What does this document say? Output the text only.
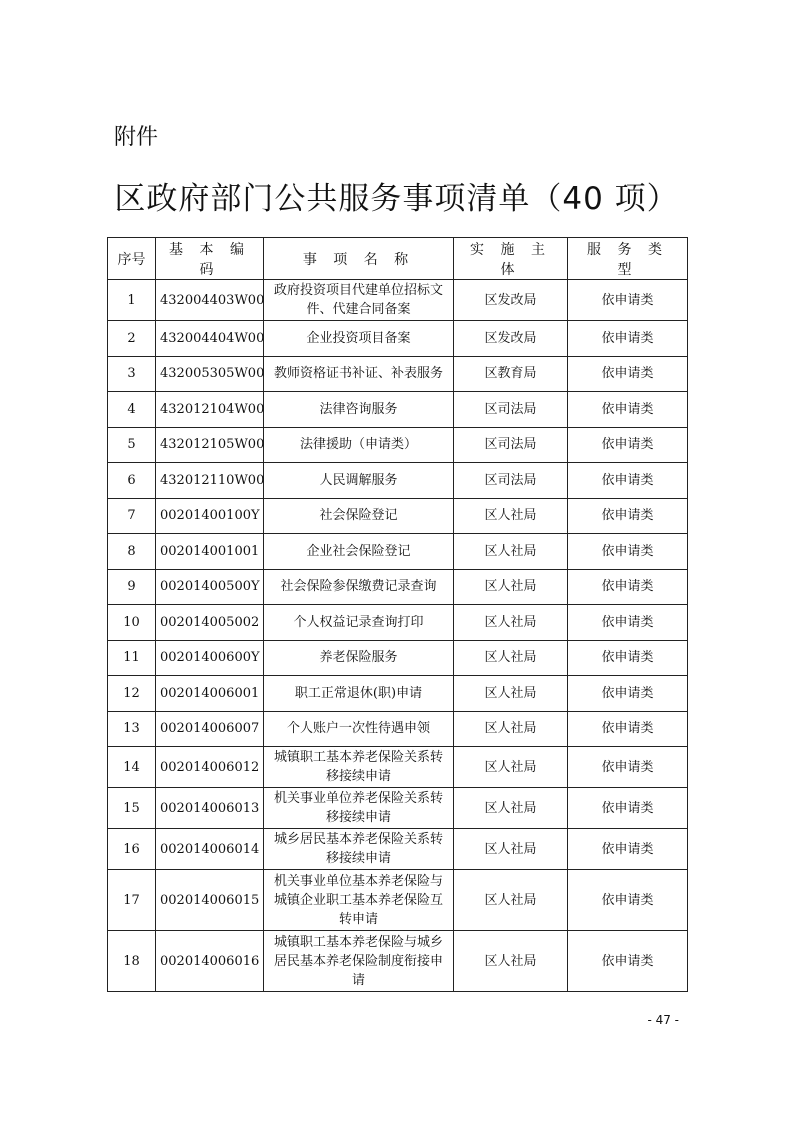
附件
区政府部门公共服务事项清单（40 项）
序号	基 本 编 码	事 项 名 称	实 施 主 体	服 务 类 型
1	432004403W00	政府投资项目代建单位招标文件、代建合同备案	区发改局	依申请类
2	432004404W00	企业投资项目备案	区发改局	依申请类
3	432005305W00	教师资格证书补证、补表服务	区教育局	依申请类
4	432012104W00	法律咨询服务	区司法局	依申请类
5	432012105W00	法律援助（申请类）	区司法局	依申请类
6	432012110W00	人民调解服务	区司法局	依申请类
7	00201400100Y	社会保险登记	区人社局	依申请类
8	002014001001	企业社会保险登记	区人社局	依申请类
9	00201400500Y	社会保险参保缴费记录查询	区人社局	依申请类
10	002014005002	个人权益记录查询打印	区人社局	依申请类
11	00201400600Y	养老保险服务	区人社局	依申请类
12	002014006001	职工正常退休(职)申请	区人社局	依申请类
13	002014006007	个人账户一次性待遇申领	区人社局	依申请类
14	002014006012	城镇职工基本养老保险关系转移接续申请	区人社局	依申请类
15	002014006013	机关事业单位养老保险关系转移接续申请	区人社局	依申请类
16	002014006014	城乡居民基本养老保险关系转移接续申请	区人社局	依申请类
17	002014006015	机关事业单位基本养老保险与城镇企业职工基本养老保险互转申请	区人社局	依申请类
18	002014006016	城镇职工基本养老保险与城乡居民基本养老保险制度衔接申请	区人社局	依申请类
- 47 -
